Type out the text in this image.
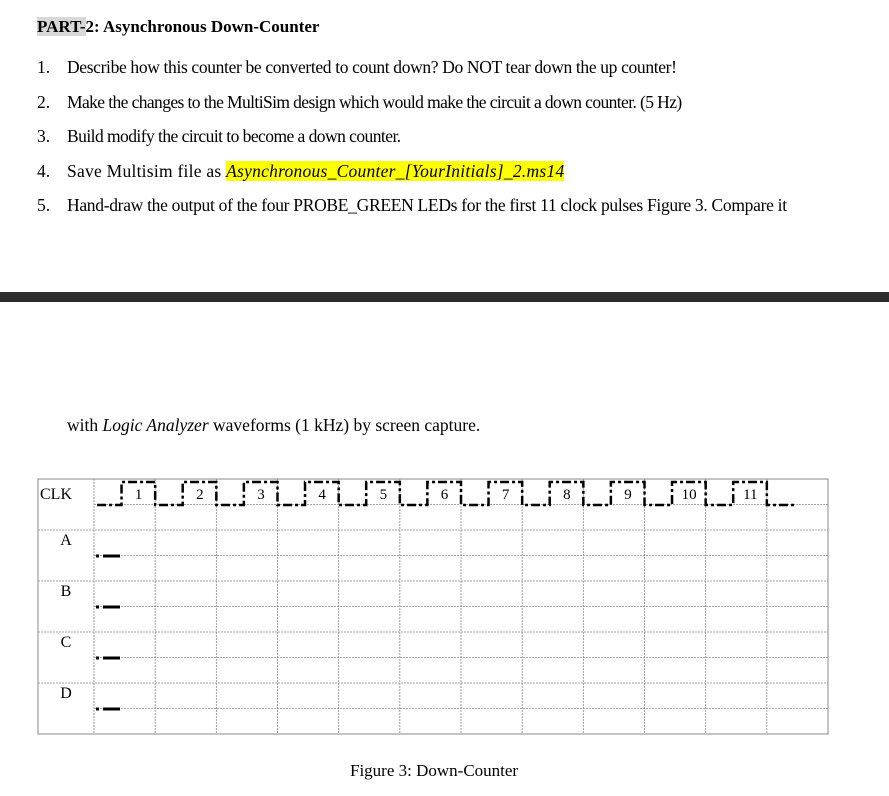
PART-2: Asynchronous Down-Counter
1. Describe how this counter be converted to count down? Do NOT tear down the up counter!
2. Make the changes to the MultiSim design which would make the circuit a down counter. (5 Hz)
3. Build modify the circuit to become a down counter.
4. Save Multisim file as Asynchronous_Counter_[YourInitials]_2.ms14
5. Hand-draw the output of the four PROBE_GREEN LEDs for the first 11 clock pulses Figure 3. Compare it
with Logic Analyzer waveforms (1 kHz) by screen capture.
CLK
A
B
C
D
1	2	3	4	5	6	7	8	9	10	11
Figure 3: Down-Counter
